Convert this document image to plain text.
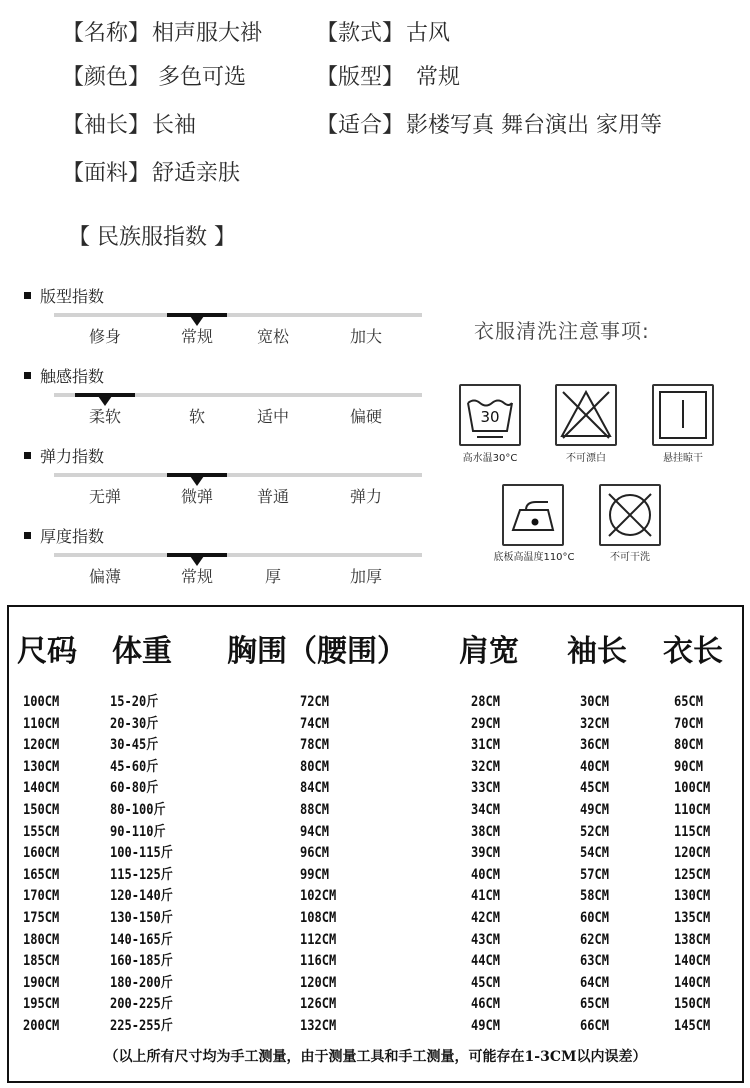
【名称】相声服大褂 【款式】古风
【颜色】 多色可选	【版型】 常规
【袖长】长袖	【适合】影楼写真 舞台演出 家用等
【面料】舒适亲肤
【 民族服指数 】
版型指数
修身	常规	宽松	加大
触感指数
柔软	软	适中	偏硬
弹力指数
无弹	微弹	普通	弹力
厚度指数
偏薄	常规	厚	加厚
衣服清洗注意事项:
30
高水温30°C	不可漂白	悬挂晾干
底板高温度110°C	不可干洗
尺码 体重 胸围（腰围） 肩宽 袖长 衣长
100CM	15-20斤	72CM	28CM	30CM	65CM
110CM	20-30斤	74CM	29CM	32CM	70CM
120CM	30-45斤	78CM	31CM	36CM	80CM
130CM	45-60斤	80CM	32CM	40CM	90CM
140CM	60-80斤	84CM	33CM	45CM	100CM
150CM	80-100斤	88CM	34CM	49CM	110CM
155CM	90-110斤	94CM	38CM	52CM	115CM
160CM	100-115斤	96CM	39CM	54CM	120CM
165CM	115-125斤	99CM	40CM	57CM	125CM
170CM	120-140斤	102CM	41CM	58CM	130CM
175CM	130-150斤	108CM	42CM	60CM	135CM
180CM	140-165斤	112CM	43CM	62CM	138CM
185CM	160-185斤	116CM	44CM	63CM	140CM
190CM	180-200斤	120CM	45CM	64CM	140CM
195CM	200-225斤	126CM	46CM	65CM	150CM
200CM	225-255斤	132CM	49CM	66CM	145CM
（以上所有尺寸均为手工测量，由于测量工具和手工测量，可能存在1-3CM以内误差）
